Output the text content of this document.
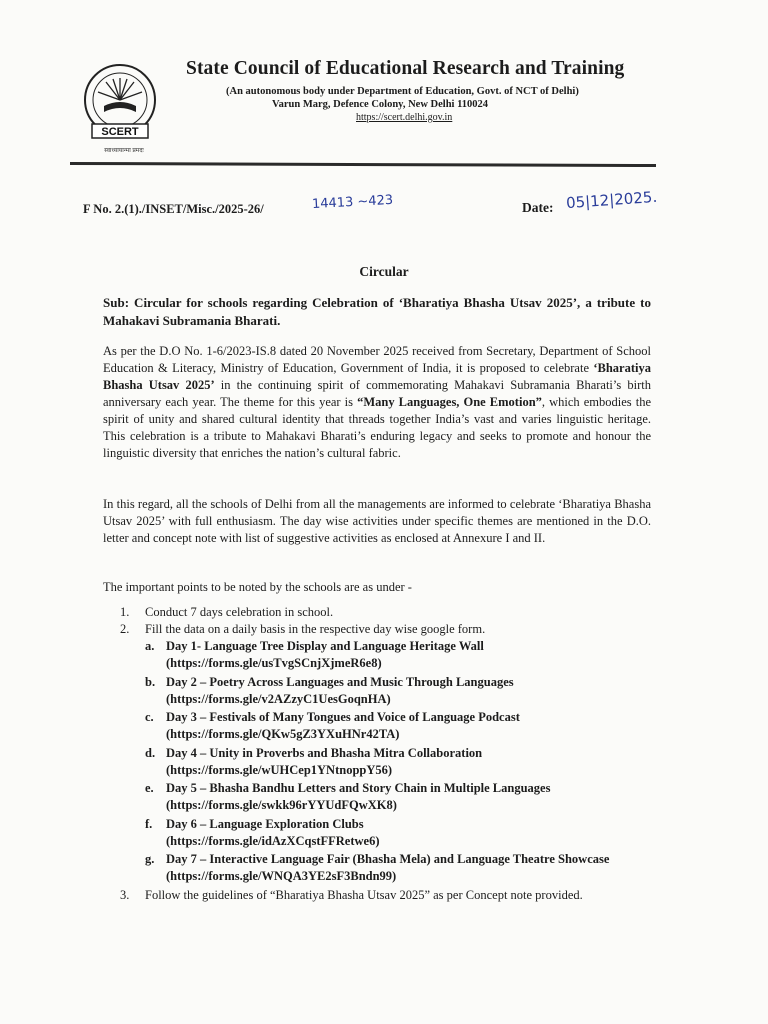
SCERT
स्वाध्यायान्मा प्रमदः
State Council of Educational Research and Training
(An autonomous body under Department of Education, Govt. of NCT of Delhi)
Varun Marg, Defence Colony, New Delhi 110024
https://scert.delhi.gov.in
F No. 2.(1)./INSET/Misc./2025-26/	14413 ~423	Date: 05|12|2025.
Circular
Sub: Circular for schools regarding Celebration of ‘Bharatiya Bhasha Utsav 2025’, a tribute to Mahakavi Subramania Bharati.
As per the D.O No. 1-6/2023-IS.8 dated 20 November 2025 received from Secretary, Department of School Education & Literacy, Ministry of Education, Government of India, it is proposed to celebrate ‘Bharatiya Bhasha Utsav 2025’ in the continuing spirit of commemorating Mahakavi Subramania Bharati’s birth anniversary each year. The theme for this year is “Many Languages, One Emotion”, which embodies the spirit of unity and shared cultural identity that threads together India’s vast and varies linguistic heritage. This celebration is a tribute to Mahakavi Bharati’s enduring legacy and seeks to promote and honour the linguistic diversity that enriches the nation’s cultural fabric.
In this regard, all the schools of Delhi from all the managements are informed to celebrate ‘Bharatiya Bhasha Utsav 2025’ with full enthusiasm. The day wise activities under specific themes are mentioned in the D.O. letter and concept note with list of suggestive activities as enclosed at Annexure I and II.
The important points to be noted by the schools are as under -
1. Conduct 7 days celebration in school.
2. Fill the data on a daily basis in the respective day wise google form.
a. Day 1- Language Tree Display and Language Heritage Wall
(https://forms.gle/usTvgSCnjXjmeR6e8)
b. Day 2 – Poetry Across Languages and Music Through Languages
(https://forms.gle/v2AZzyC1UesGoqnHA)
c. Day 3 – Festivals of Many Tongues and Voice of Language Podcast
(https://forms.gle/QKw5gZ3YXuHNr42TA)
d. Day 4 – Unity in Proverbs and Bhasha Mitra Collaboration
(https://forms.gle/wUHCep1YNtnoppY56)
e. Day 5 – Bhasha Bandhu Letters and Story Chain in Multiple Languages
(https://forms.gle/swkk96rYYUdFQwXK8)
f. Day 6 – Language Exploration Clubs
(https://forms.gle/idAzXCqstFFRetwe6)
g. Day 7 – Interactive Language Fair (Bhasha Mela) and Language Theatre Showcase
(https://forms.gle/WNQA3YE2sF3Bndn99)
3. Follow the guidelines of “Bharatiya Bhasha Utsav 2025” as per Concept note provided.
